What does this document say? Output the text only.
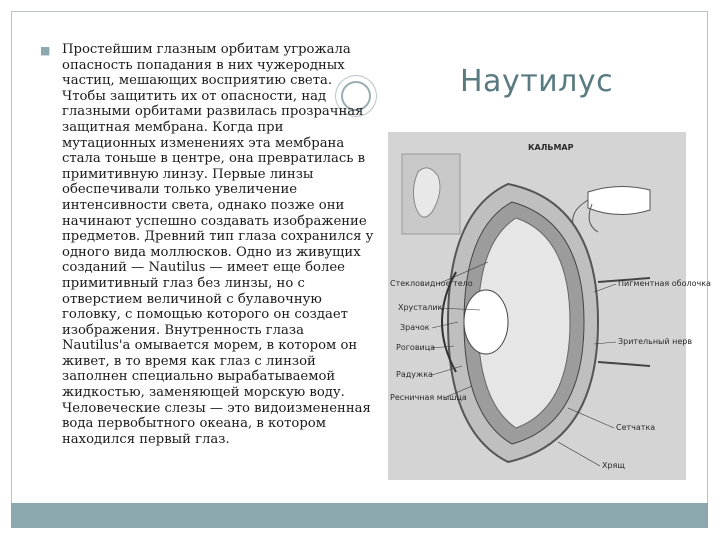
■ Простейшим глазным орбитам угрожала опасность попадания в них чужеродных частиц, мешающих восприятию света. Чтобы защитить их от опасности, над глазными орбитами развилась прозрачная защитная мембрана. Когда при мутационных изменениях эта мембрана стала тоньше в центре, она превратилась в примитивную линзу. Первые линзы обеспечивали только увеличение интенсивности света, однако позже они начинают успешно создавать изображение предметов. Древний тип глаза сохранился у одного вида моллюсков. Одно из живущих созданий — Nautilus — имеет еще более примитивный глаз без линзы, но с отверстием величиной с булавочную головку, с помощью которого он создает изображения. Внутренность глаза Nautilus'а омывается морем, в котором он живет, в то время как глаз с линзой заполнен специально вырабатываемой жидкостью, заменяющей морскую воду. Человеческие слезы — это видоизмененная вода первобытного океана, в котором находился первый глаз.

Наутилус
КАЛЬМАР
Стекловидное тело
Хрусталик
Зрачок
Роговица
Радужка
Ресничная мышца
Пигментная оболочка
Зрительный нерв
Сетчатка
Хрящ
